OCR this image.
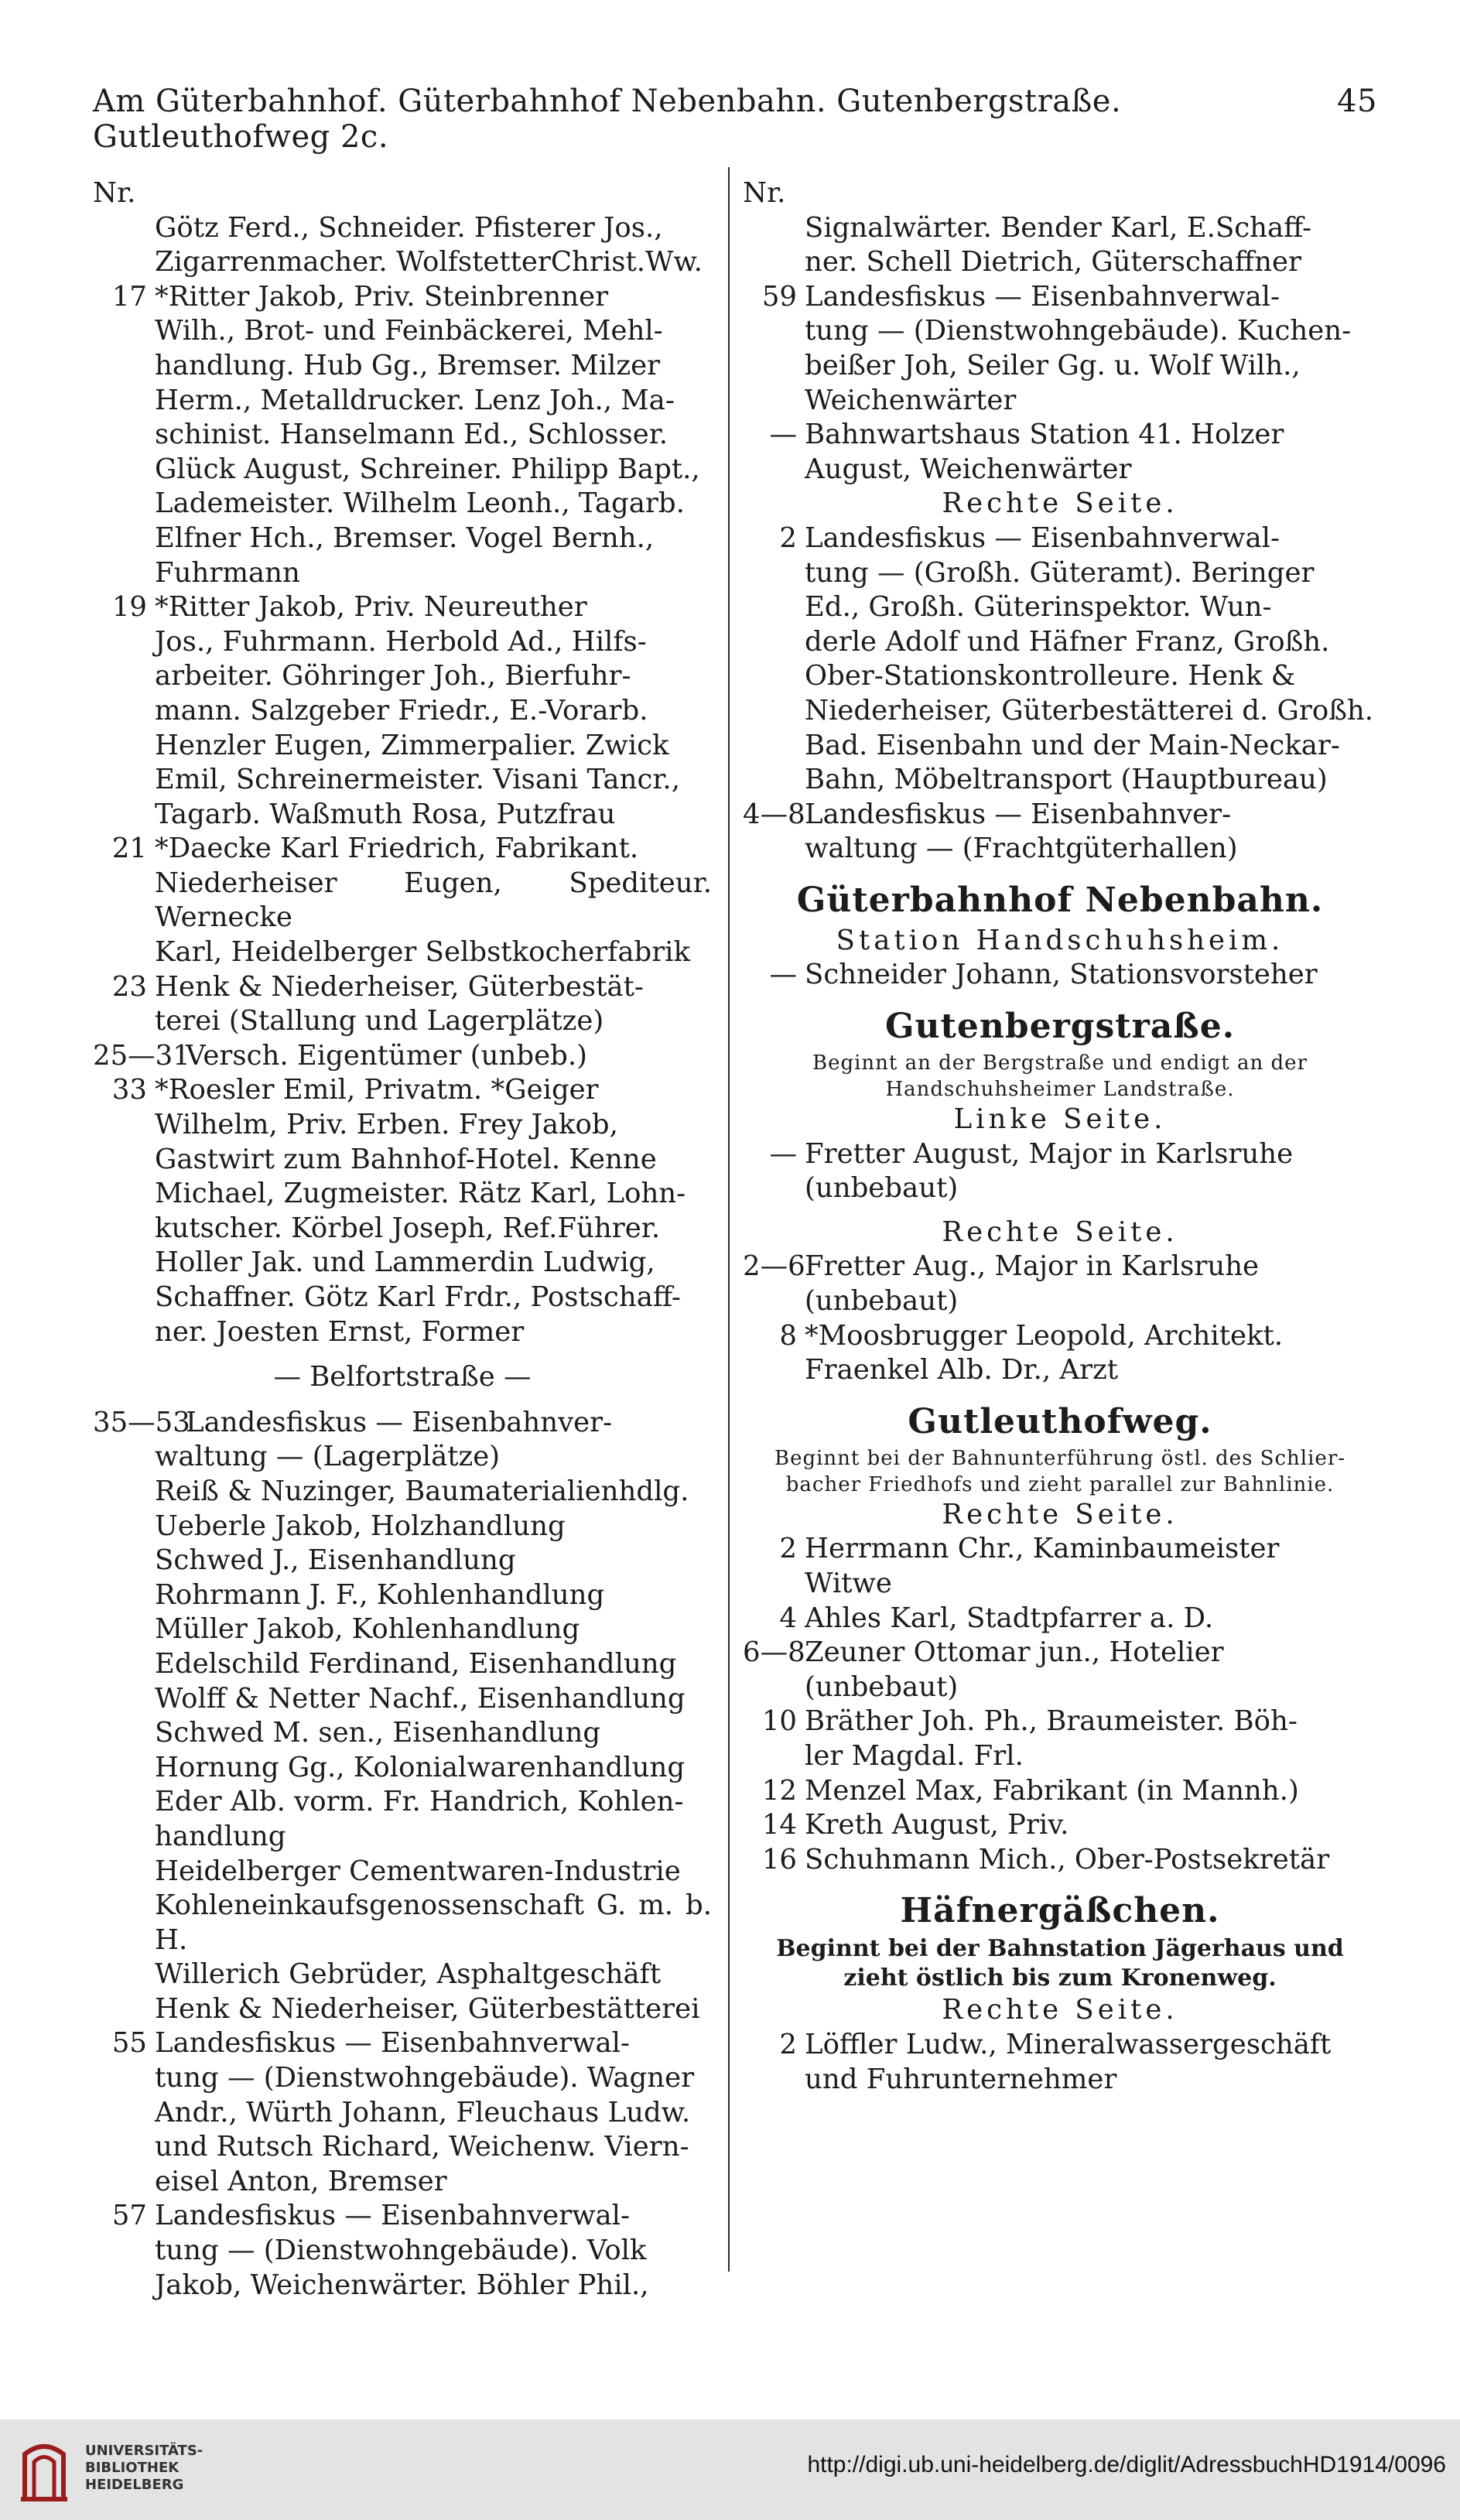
Am Güterbahnhof. Güterbahnhof Nebenbahn. Gutenbergstraße. Gutleuthofweg 2c.
45
Nr.
Götz Ferd., Schneider. Pfisterer Jos.,
Zigarrenmacher. WolfstetterChrist.Ww.
17 *Ritter Jakob, Priv. Steinbrenner
Wilh., Brot- und Feinbäckerei, Mehl-
handlung. Hub Gg., Bremser. Milzer
Herm., Metalldrucker. Lenz Joh., Ma-
schinist. Hanselmann Ed., Schlosser.
Glück August, Schreiner. Philipp Bapt.,
Lademeister. Wilhelm Leonh., Tagarb.
Elfner Hch., Bremser. Vogel Bernh.,
Fuhrmann
19 *Ritter Jakob, Priv. Neureuther
Jos., Fuhrmann. Herbold Ad., Hilfs-
arbeiter. Göhringer Joh., Bierfuhr-
mann. Salzgeber Friedr., E.-Vorarb.
Henzler Eugen, Zimmerpalier. Zwick
Emil, Schreinermeister. Visani Tancr.,
Tagarb. Waßmuth Rosa, Putzfrau
21 *Daecke Karl Friedrich, Fabrikant.
Niederheiser Eugen, Spediteur. Wernecke
Karl, Heidelberger Selbstkocherfabrik
23 Henk & Niederheiser, Güterbestät-
terei (Stallung und Lagerplätze)
25—31
Versch. Eigentümer (unbeb.)
33 *Roesler Emil, Privatm. *Geiger
Wilhelm, Priv. Erben. Frey Jakob,
Gastwirt zum Bahnhof-Hotel. Kenne
Michael, Zugmeister. Rätz Karl, Lohn-
kutscher. Körbel Joseph, Ref.Führer.
Holler Jak. und Lammerdin Ludwig,
Schaffner. Götz Karl Frdr., Postschaff-
ner. Joesten Ernst, Former
— Belfortstraße —
35—53
Landesfiskus — Eisenbahnver-
waltung — (Lagerplätze)
Reiß & Nuzinger, Baumaterialienhdlg.
Ueberle Jakob, Holzhandlung
Schwed J., Eisenhandlung
Rohrmann J. F., Kohlenhandlung
Müller Jakob, Kohlenhandlung
Edelschild Ferdinand, Eisenhandlung
Wolff & Netter Nachf., Eisenhandlung
Schwed M. sen., Eisenhandlung
Hornung Gg., Kolonialwarenhandlung
Eder Alb. vorm. Fr. Handrich, Kohlen-
handlung
Heidelberger Cementwaren-Industrie
Kohleneinkaufsgenossenschaft G. m. b. H.
Willerich Gebrüder, Asphaltgeschäft
Henk & Niederheiser, Güterbestätterei
55 Landesfiskus — Eisenbahnverwal-
tung — (Dienstwohngebäude). Wagner
Andr., Würth Johann, Fleuchaus Ludw.
und Rutsch Richard, Weichenw. Viern-
eisel Anton, Bremser
57 Landesfiskus — Eisenbahnverwal-
tung — (Dienstwohngebäude). Volk
Jakob, Weichenwärter. Böhler Phil.,
Nr.
Signalwärter. Bender Karl, E.Schaff-
ner. Schell Dietrich, Güterschaffner
59 Landesfiskus — Eisenbahnverwal-
tung — (Dienstwohngebäude). Kuchen-
beißer Joh, Seiler Gg. u. Wolf Wilh.,
Weichenwärter
— Bahnwartshaus Station 41. Holzer
August, Weichenwärter
Rechte Seite.
2 Landesfiskus — Eisenbahnverwal-
tung — (Großh. Güteramt). Beringer
Ed., Großh. Güterinspektor. Wun-
derle Adolf und Häfner Franz, Großh.
Ober-Stationskontrolleure. Henk &
Niederheiser, Güterbestätterei d. Großh.
Bad. Eisenbahn und der Main-Neckar-
Bahn, Möbeltransport (Hauptbureau)
4—8 Landesfiskus — Eisenbahnver-
waltung — (Frachtgüterhallen)
Güterbahnhof Nebenbahn.
Station Handschuhsheim.
— Schneider Johann, Stationsvorsteher
Gutenbergstraße.
Beginnt an der Bergstraße und endigt an der
Handschuhsheimer Landstraße.
Linke Seite.
— Fretter August, Major in Karlsruhe
(unbebaut)
Rechte Seite.
2—6 Fretter Aug., Major in Karlsruhe
(unbebaut)
8 *Moosbrugger Leopold, Architekt.
Fraenkel Alb. Dr., Arzt
Gutleuthofweg.
Beginnt bei der Bahnunterführung östl. des Schlier-
bacher Friedhofs und zieht parallel zur Bahnlinie.
Rechte Seite.
2 Herrmann Chr., Kaminbaumeister
Witwe
4 Ahles Karl, Stadtpfarrer a. D.
6—8 Zeuner Ottomar jun., Hotelier
(unbebaut)
10 Bräther Joh. Ph., Braumeister. Böh-
ler Magdal. Frl.
12 Menzel Max, Fabrikant (in Mannh.)
14 Kreth August, Priv.
16 Schuhmann Mich., Ober-Postsekretär
Häfnergäßchen.
Beginnt bei der Bahnstation Jägerhaus und
zieht östlich bis zum Kronenweg.
Rechte Seite.
2 Löffler Ludw., Mineralwassergeschäft
und Fuhrunternehmer
UNIVERSITÄTS-
BIBLIOTHEK
HEIDELBERG
http://digi.ub.uni-heidelberg.de/diglit/AdressbuchHD1914/0096
